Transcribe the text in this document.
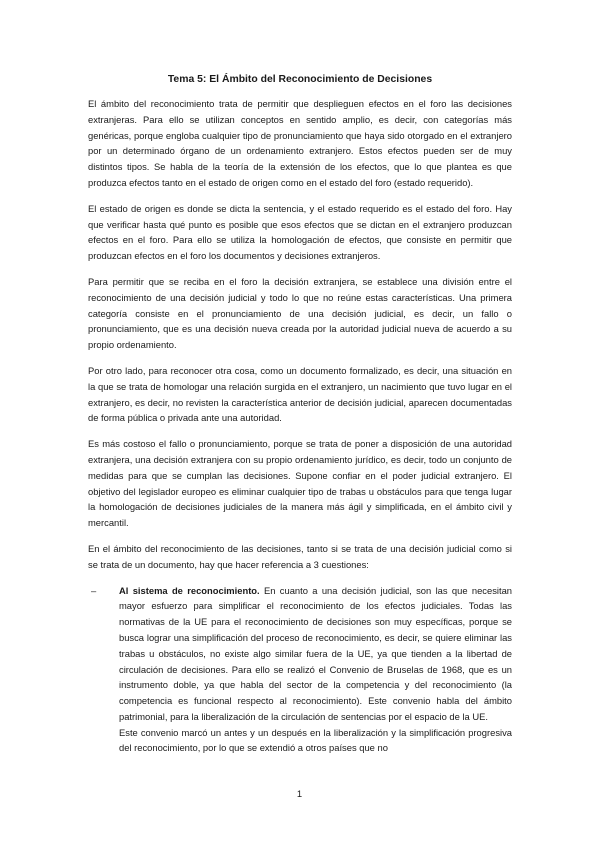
Tema 5: El Ámbito del Reconocimiento de Decisiones

El ámbito del reconocimiento trata de permitir que desplieguen efectos en el foro las decisiones extranjeras. Para ello se utilizan conceptos en sentido amplio, es decir, con categorías más genéricas, porque engloba cualquier tipo de pronunciamiento que haya sido otorgado en el extranjero por un determinado órgano de un ordenamiento extranjero. Estos efectos pueden ser de muy distintos tipos. Se habla de la teoría de la extensión de los efectos, que lo que plantea es que produzca efectos tanto en el estado de origen como en el estado del foro (estado requerido).

El estado de origen es donde se dicta la sentencia, y el estado requerido es el estado del foro. Hay que verificar hasta qué punto es posible que esos efectos que se dictan en el extranjero produzcan efectos en el foro. Para ello se utiliza la homologación de efectos, que consiste en permitir que produzcan efectos en el foro los documentos y decisiones extranjeros.

Para permitir que se reciba en el foro la decisión extranjera, se establece una división entre el reconocimiento de una decisión judicial y todo lo que no reúne estas características. Una primera categoría consiste en el pronunciamiento de una decisión judicial, es decir, un fallo o pronunciamiento, que es una decisión nueva creada por la autoridad judicial nueva de acuerdo a su propio ordenamiento.

Por otro lado, para reconocer otra cosa, como un documento formalizado, es decir, una situación en la que se trata de homologar una relación surgida en el extranjero, un nacimiento que tuvo lugar en el extranjero, es decir, no revisten la característica anterior de decisión judicial, aparecen documentadas de forma pública o privada ante una autoridad.

Es más costoso el fallo o pronunciamiento, porque se trata de poner a disposición de una autoridad extranjera, una decisión extranjera con su propio ordenamiento jurídico, es decir, todo un conjunto de medidas para que se cumplan las decisiones. Supone confiar en el poder judicial extranjero. El objetivo del legislador europeo es eliminar cualquier tipo de trabas u obstáculos para que tenga lugar la homologación de decisiones judiciales de la manera más ágil y simplificada, en el ámbito civil y mercantil.

En el ámbito del reconocimiento de las decisiones, tanto si se trata de una decisión judicial como si se trata de un documento, hay que hacer referencia a 3 cuestiones:

– Al sistema de reconocimiento. En cuanto a una decisión judicial, son las que necesitan mayor esfuerzo para simplificar el reconocimiento de los efectos judiciales. Todas las normativas de la UE para el reconocimiento de decisiones son muy específicas, porque se busca lograr una simplificación del proceso de reconocimiento, es decir, se quiere eliminar las trabas u obstáculos, no existe algo similar fuera de la UE, ya que tienden a la libertad de circulación de decisiones. Para ello se realizó el Convenio de Bruselas de 1968, que es un instrumento doble, ya que habla del sector de la competencia y del reconocimiento (la competencia es funcional respecto al reconocimiento). Este convenio habla del ámbito patrimonial, para la liberalización de la circulación de sentencias por el espacio de la UE.

Este convenio marcó un antes y un después en la liberalización y la simplificación progresiva del reconocimiento, por lo que se extendió a otros países que no

1
